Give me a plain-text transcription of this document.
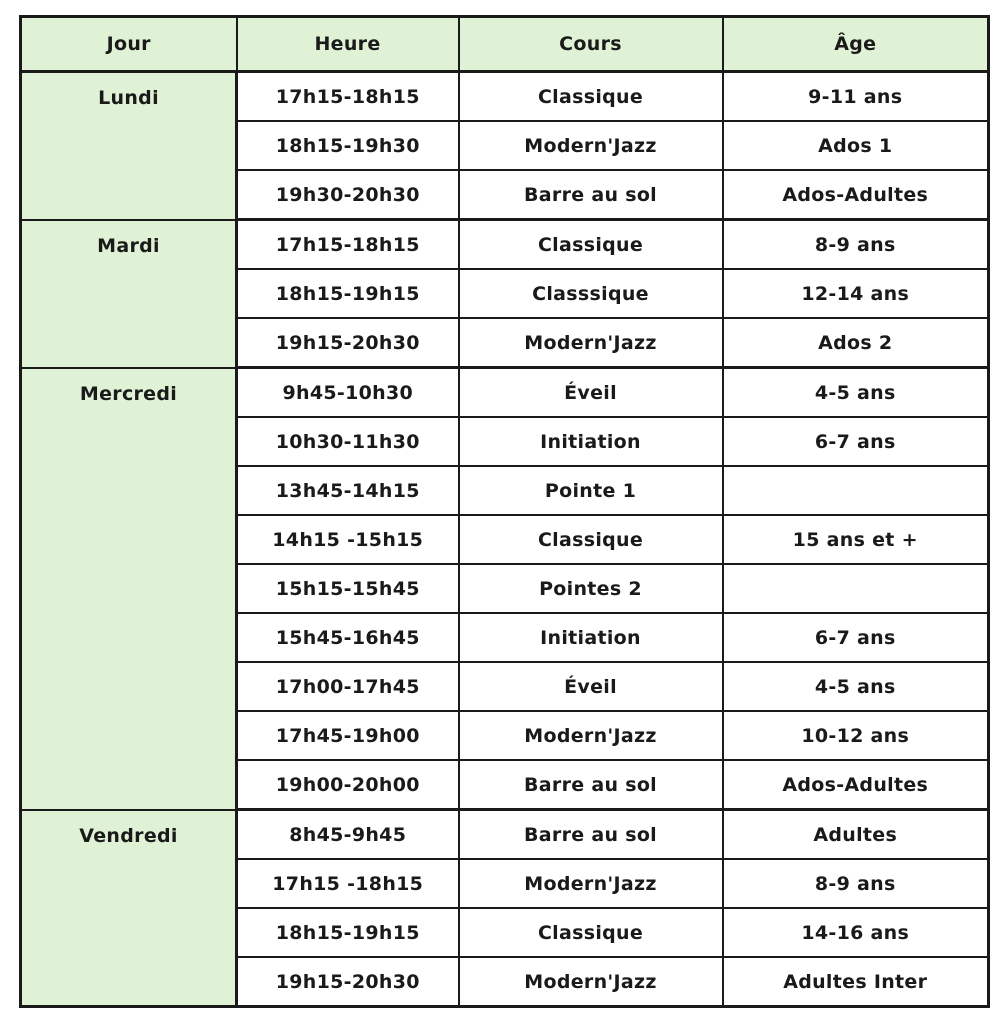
Jour	Heure	Cours	Âge
Lundi	17h15-18h15	Classique	9-11 ans
	18h15-19h30	Modern'Jazz	Ados 1
	19h30-20h30	Barre au sol	Ados-Adultes
Mardi	17h15-18h15	Classique	8-9 ans
	18h15-19h15	Classsique	12-14 ans
	19h15-20h30	Modern'Jazz	Ados 2
Mercredi	9h45-10h30	Éveil	4-5 ans
	10h30-11h30	Initiation	6-7 ans
	13h45-14h15	Pointe 1	
	14h15 -15h15	Classique	15 ans et +
	15h15-15h45	Pointes 2	
	15h45-16h45	Initiation	6-7 ans
	17h00-17h45	Éveil	4-5 ans
	17h45-19h00	Modern'Jazz	10-12 ans
	19h00-20h00	Barre au sol	Ados-Adultes
Vendredi	8h45-9h45	Barre au sol	Adultes
	17h15 -18h15	Modern'Jazz	8-9 ans
	18h15-19h15	Classique	14-16 ans
	19h15-20h30	Modern'Jazz	Adultes Inter
